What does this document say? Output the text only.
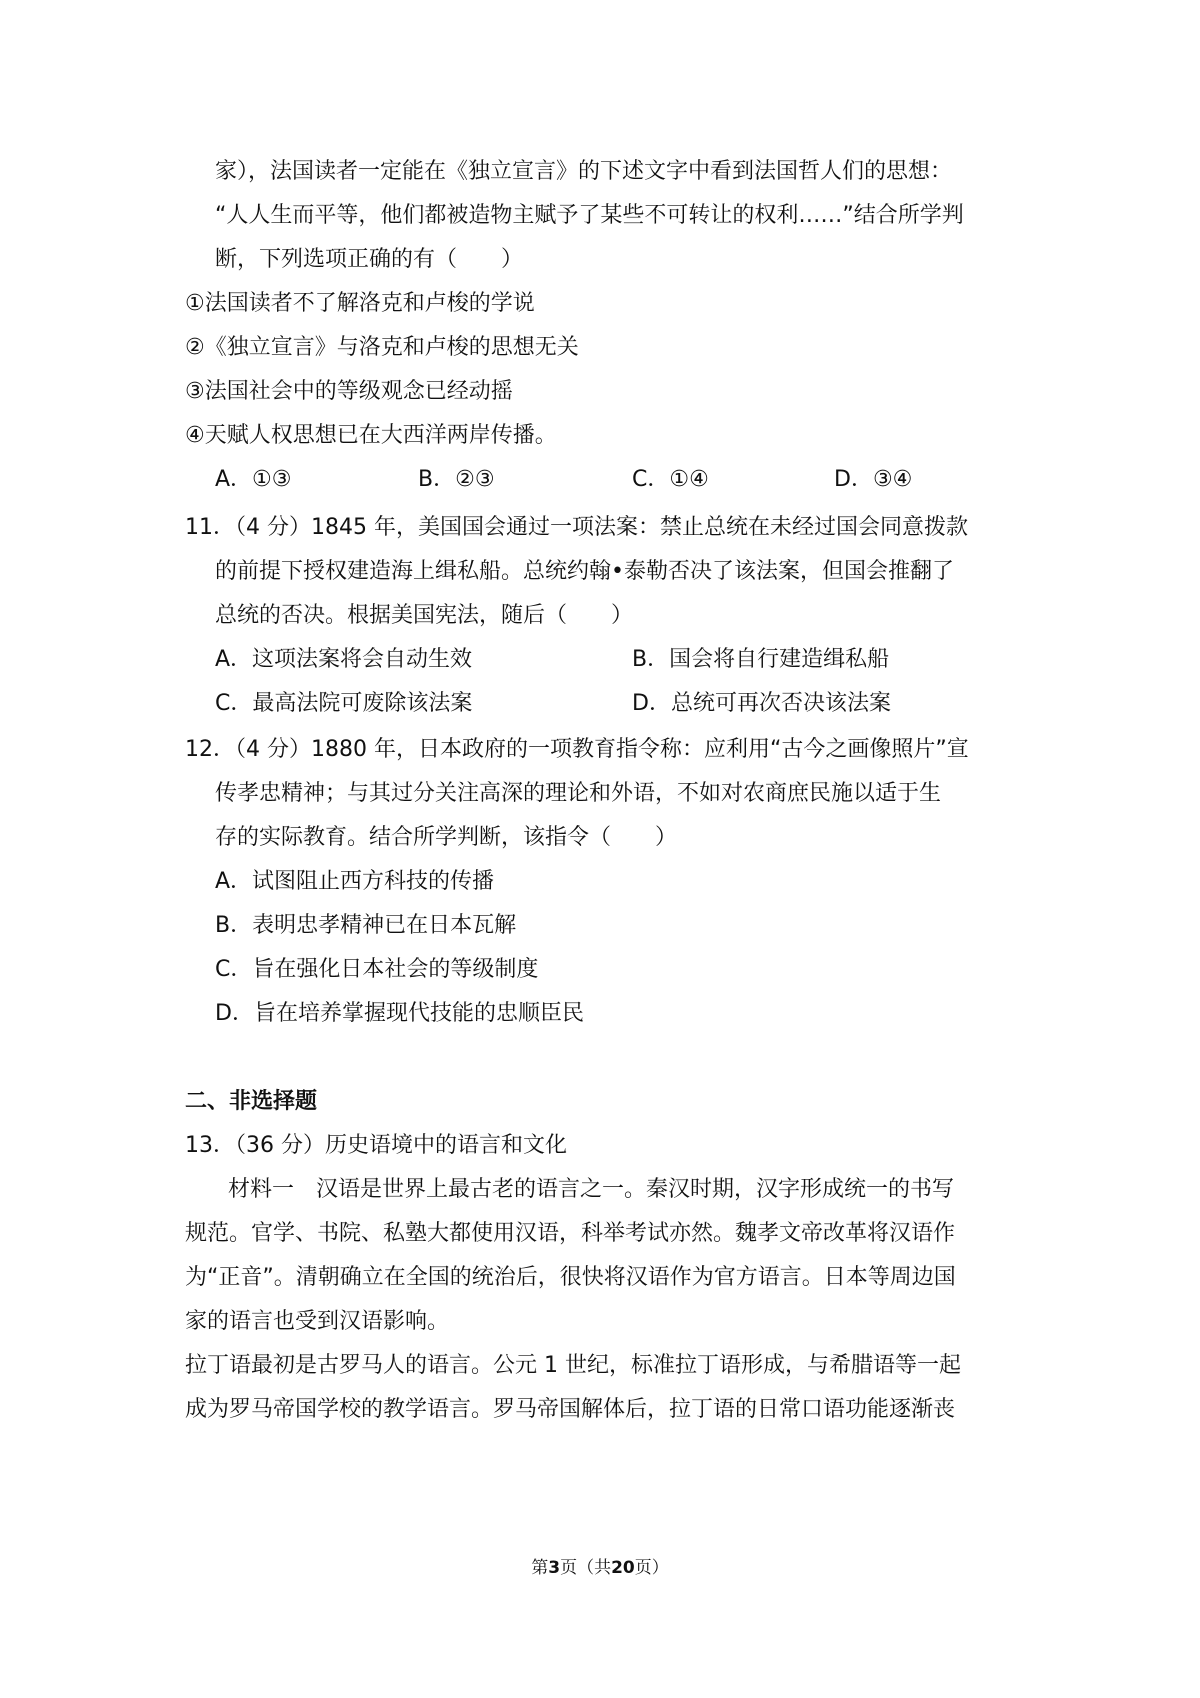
家），法国读者一定能在《独立宣言》的下述文字中看到法国哲人们的思想：
“人人生而平等，他们都被造物主赋予了某些不可转让的权利……”结合所学判
断，下列选项正确的有（　　）
①法国读者不了解洛克和卢梭的学说
②《独立宣言》与洛克和卢梭的思想无关
③法国社会中的等级观念已经动摇
④天赋人权思想已在大西洋两岸传播。
A．①③	B．②③	C．①④	D．③④
11．（4 分）1845 年，美国国会通过一项法案：禁止总统在未经过国会同意拨款
的前提下授权建造海上缉私船。总统约翰•泰勒否决了该法案，但国会推翻了
总统的否决。根据美国宪法，随后（　　）
A．这项法案将会自动生效	B．国会将自行建造缉私船
C．最高法院可废除该法案	D．总统可再次否决该法案
12．（4 分）1880 年，日本政府的一项教育指令称：应利用“古今之画像照片”宣
传孝忠精神；与其过分关注高深的理论和外语，不如对农商庶民施以适于生
存的实际教育。结合所学判断，该指令（　　）
A．试图阻止西方科技的传播
B．表明忠孝精神已在日本瓦解
C．旨在强化日本社会的等级制度
D．旨在培养掌握现代技能的忠顺臣民
二、非选择题
13．（36 分）历史语境中的语言和文化
材料一　汉语是世界上最古老的语言之一。秦汉时期，汉字形成统一的书写
规范。官学、书院、私塾大都使用汉语，科举考试亦然。魏孝文帝改革将汉语作
为“正音”。清朝确立在全国的统治后，很快将汉语作为官方语言。日本等周边国
家的语言也受到汉语影响。
拉丁语最初是古罗马人的语言。公元 1 世纪，标准拉丁语形成，与希腊语等一起
成为罗马帝国学校的教学语言。罗马帝国解体后，拉丁语的日常口语功能逐渐丧
第3页（共20页）
